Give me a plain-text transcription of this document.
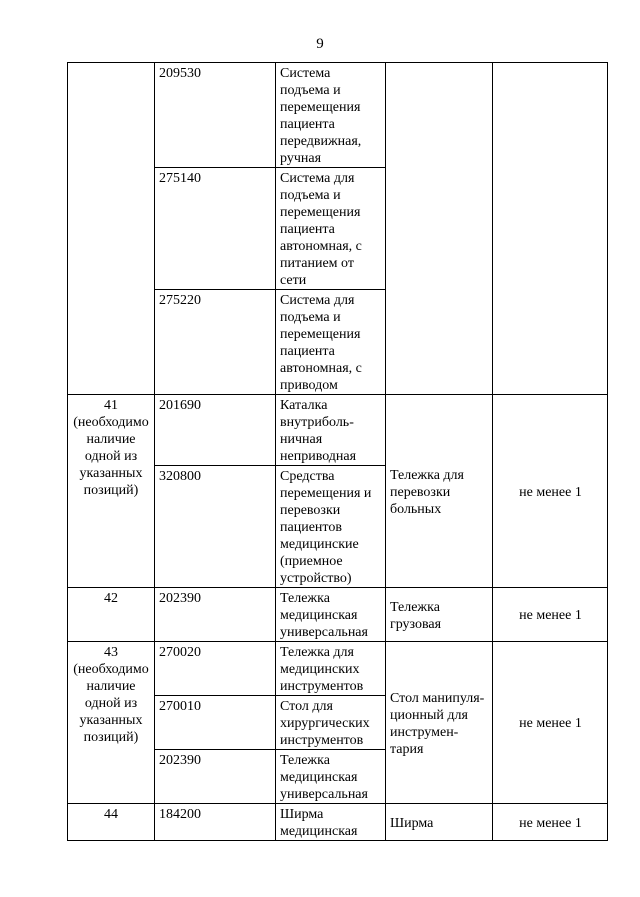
9
	209530	Система подъема и перемещения пациента передвижная, ручная		
	275140	Система для подъема и перемещения пациента автономная, с питанием от сети		
	275220	Система для подъема и перемещения пациента автономная, с приводом		
41 (необходимо наличие одной из указанных позиций)	201690	Каталка внутриболь-ничная неприводная	Тележка для перевозки больных	не менее 1
	320800	Средства перемещения и перевозки пациентов медицинские (приемное устройство)		
42	202390	Тележка медицинская универсальная	Тележка грузовая	не менее 1
43 (необходимо наличие одной из указанных позиций)	270020	Тележка для медицинских инструментов	Стол манипуля-ционный для инструмен-тария	не менее 1
	270010	Стол для хирургических инструментов		
	202390	Тележка медицинская универсальная		
44	184200	Ширма медицинская	Ширма	не менее 1
